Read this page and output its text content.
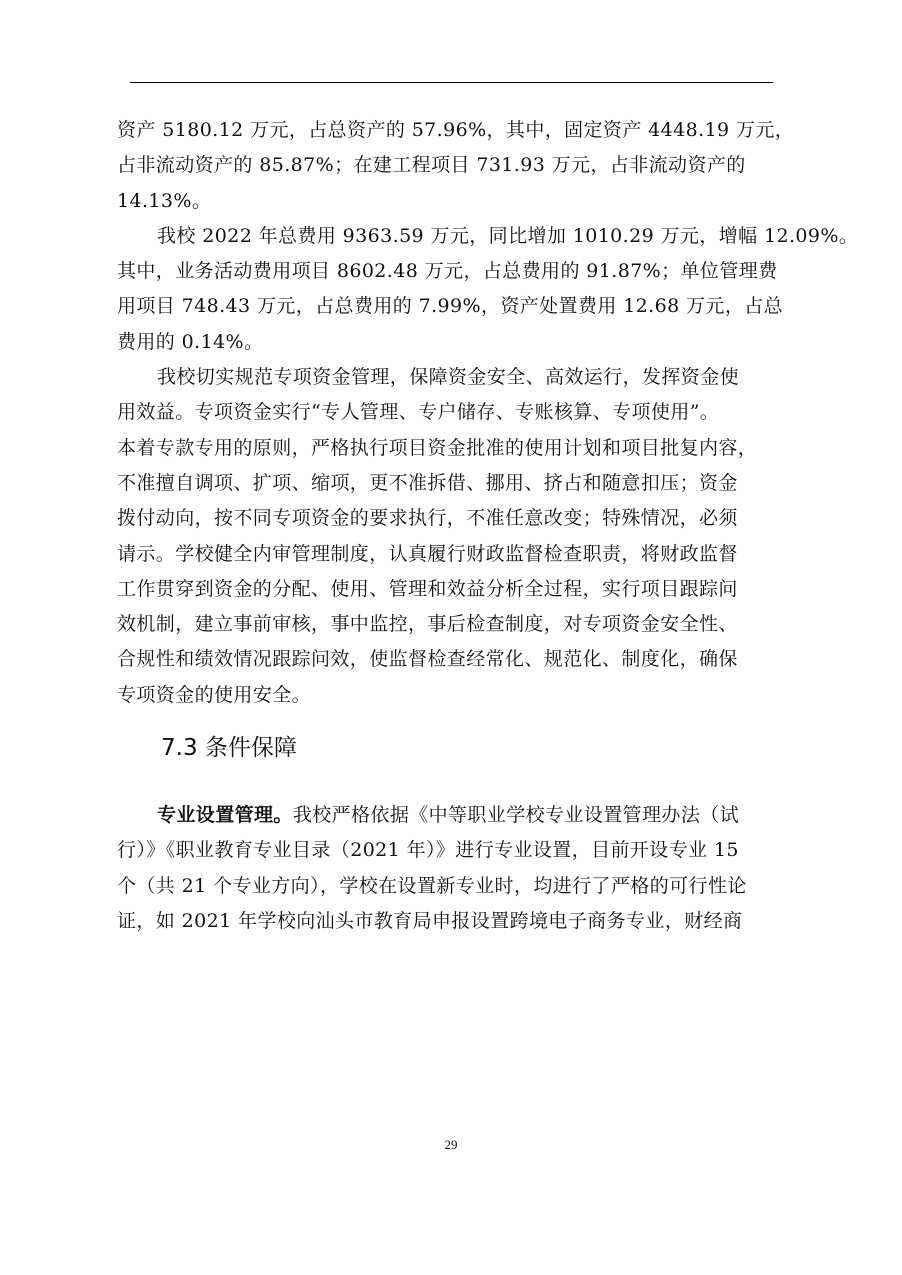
资产 5180.12 万元，占总资产的 57.96%，其中，固定资产 4448.19 万元，
占非流动资产的 85.87%；在建工程项目 731.93 万元，占非流动资产的
14.13%。
我校 2022 年总费用 9363.59 万元，同比增加 1010.29 万元，增幅 12.09%。
其中，业务活动费用项目 8602.48 万元，占总费用的 91.87%；单位管理费
用项目 748.43 万元，占总费用的 7.99%，资产处置费用 12.68 万元，占总
费用的 0.14%。
我校切实规范专项资金管理，保障资金安全、高效运行，发挥资金使
用效益。专项资金实行“专人管理、专户储存、专账核算、专项使用”。
本着专款专用的原则，严格执行项目资金批准的使用计划和项目批复内容，
不准擅自调项、扩项、缩项，更不准拆借、挪用、挤占和随意扣压；资金
拨付动向，按不同专项资金的要求执行，不准任意改变；特殊情况，必须
请示。学校健全内审管理制度，认真履行财政监督检查职责，将财政监督
工作贯穿到资金的分配、使用、管理和效益分析全过程，实行项目跟踪问
效机制，建立事前审核，事中监控，事后检查制度，对专项资金安全性、
合规性和绩效情况跟踪问效，使监督检查经常化、规范化、制度化，确保
专项资金的使用安全。
7.3 条件保障
专业设置管理。我校严格依据《中等职业学校专业设置管理办法（试
行）》《职业教育专业目录（2021 年）》进行专业设置，目前开设专业 15
个（共 21 个专业方向），学校在设置新专业时，均进行了严格的可行性论
证，如 2021 年学校向汕头市教育局申报设置跨境电子商务专业，财经商
29
